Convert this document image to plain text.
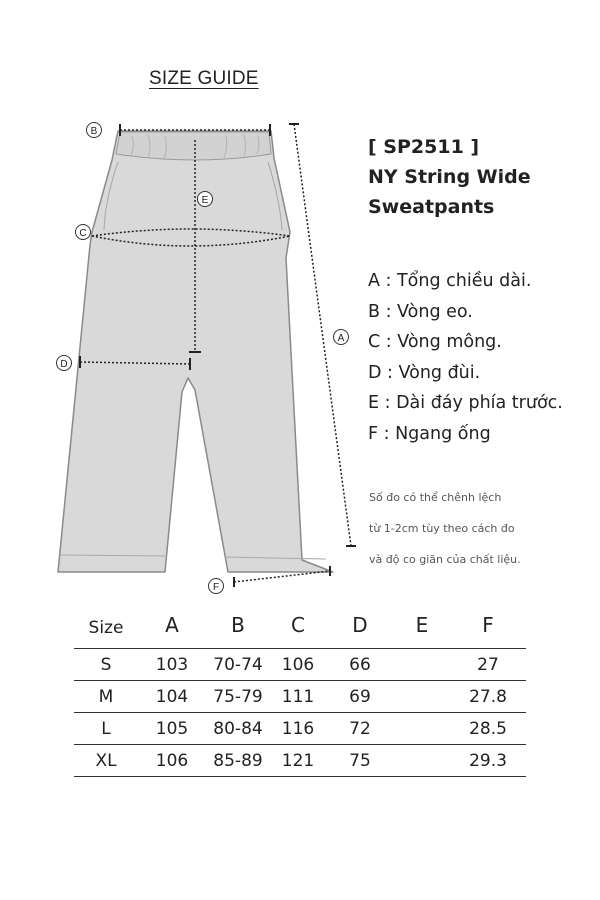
SIZE GUIDE
B
E
C
A
D
F
[ SP2511 ]
NY String Wide
Sweatpants
A : Tổng chiều dài.
B : Vòng eo.
C : Vòng mông.
D : Vòng đùi.
E : Dài đáy phía trước.
F : Ngang ống
Số đo có thể chênh lệch
từ 1-2cm tùy theo cách đo
và độ co giãn của chất liệu.
Size	A	B	C	D	E	F
S	103	70-74	106	66		27
M	104	75-79	111	69		27.8
L	105	80-84	116	72		28.5
XL	106	85-89	121	75		29.3
